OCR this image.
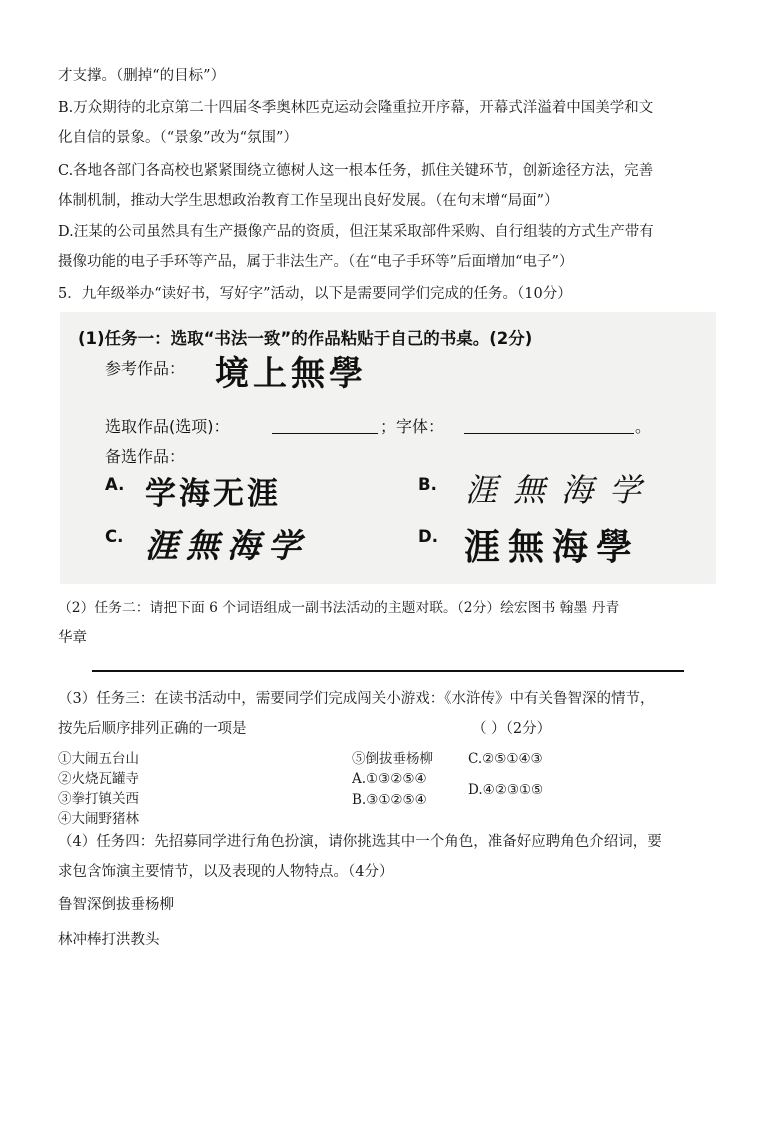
才支撑。（删掉“的目标”）
B.万众期待的北京第二十四届冬季奥林匹克运动会隆重拉开序幕，开幕式洋溢着中国美学和文
化自信的景象。（“景象”改为“氛围”）
C.各地各部门各高校也紧紧围绕立德树人这一根本任务，抓住关键环节，创新途径方法，完善
体制机制，推动大学生思想政治教育工作呈现出良好发展。（在句末增“局面”）
D.汪某的公司虽然具有生产摄像产品的资质，但汪某采取部件采购、自行组装的方式生产带有
摄像功能的电子手环等产品，属于非法生产。（在“电子手环等”后面增加“电子”）
5．九年级举办“读好书，写好字”活动，以下是需要同学们完成的任务。（10分）
(1)任务一：选取“书法一致”的作品粘贴于自己的书桌。(2分)
参考作品： 境上無學
选取作品(选项)：	；字体：	。
备选作品：
A. 学海无涯	B. 涯無海学
C. 涯無海学	D. 涯無海學
（2）任务二：请把下面 6 个词语组成一副书法活动的主题对联。（2分）绘宏图书 翰墨 丹青
华章
（3）任务三：在读书活动中，需要同学们完成闯关小游戏：《水浒传》中有关鲁智深的情节，
按先后顺序排列正确的一项是	（ ）（2分）
①大闹五台山
②火烧瓦罐寺
③拳打镇关西
④大闹野猪林
⑤倒拔垂杨柳
A.①③②⑤④
B.③①②⑤④
C.②⑤①④③
D.④②③①⑤
（4）任务四：先招募同学进行角色扮演，请你挑选其中一个角色，准备好应聘角色介绍词，要
求包含饰演主要情节，以及表现的人物特点。（4分）
鲁智深倒拔垂杨柳
林冲棒打洪教头
